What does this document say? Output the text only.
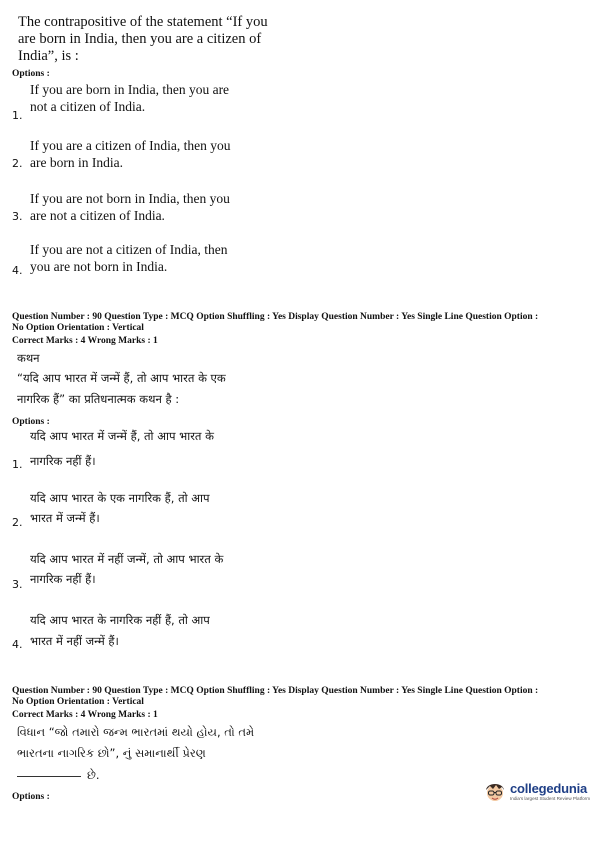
The contrapositive of the statement “If you
are born in India, then you are a citizen of
India”, is :
Options :
If you are born in India, then you are
not a citizen of India.
1.
If you are a citizen of India, then you
are born in India.
2.
If you are not born in India, then you
are not a citizen of India.
3.
If you are not a citizen of India, then
you are not born in India.
4.
Question Number : 90 Question Type : MCQ Option Shuffling : Yes Display Question Number : Yes Single Line Question Option :
No Option Orientation : Vertical
Correct Marks : 4 Wrong Marks : 1
कथन
“यदि आप भारत में जन्में हैं, तो आप भारत के एक
नागरिक हैं” का प्रतिधनात्मक कथन है :
Options :
यदि आप भारत में जन्में हैं, तो आप भारत के
नागरिक नहीं हैं।
1.
यदि आप भारत के एक नागरिक हैं, तो आप
भारत में जन्में हैं।
2.
यदि आप भारत में नहीं जन्में, तो आप भारत के
नागरिक नहीं हैं।
3.
यदि आप भारत के नागरिक नहीं हैं, तो आप
भारत में नहीं जन्में हैं।
4.
Question Number : 90 Question Type : MCQ Option Shuffling : Yes Display Question Number : Yes Single Line Question Option :
No Option Orientation : Vertical
Correct Marks : 4 Wrong Marks : 1
વિધાન “જો તમારો જન્મ ભારતમાં થયો હોય, તો તમે
ભારતના નાગરિક છો”, નું સમાનાર્થી પ્રેરણ
છે.
Options :
collegedunia
India's largest Student Review Platform
